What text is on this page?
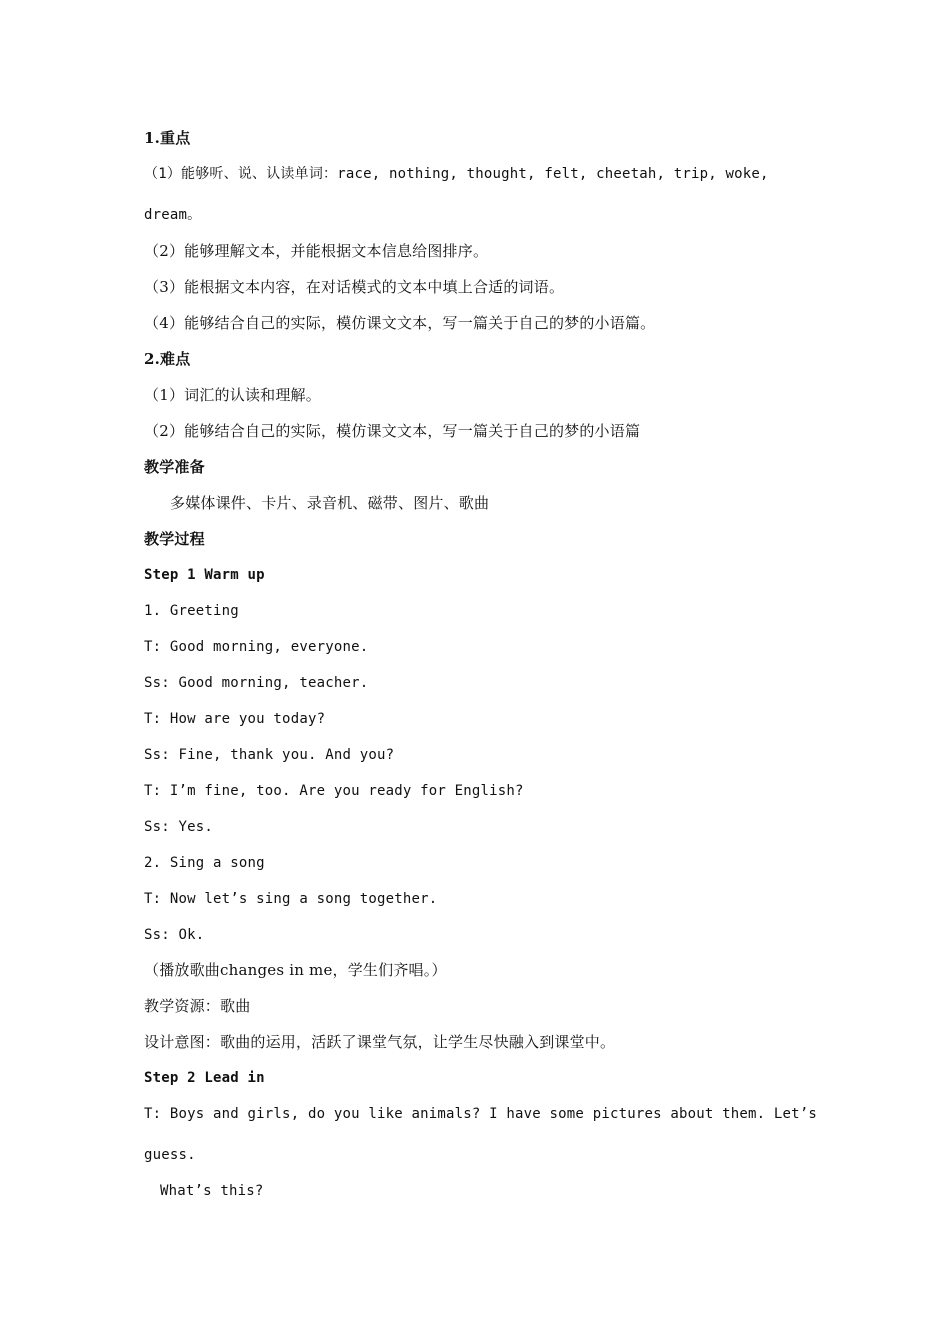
1.重点
（1）能够听、说、认读单词：race, nothing, thought, felt, cheetah, trip, woke,
dream。
（2）能够理解文本，并能根据文本信息给图排序。
（3）能根据文本内容，在对话模式的文本中填上合适的词语。
（4）能够结合自己的实际，模仿课文文本，写一篇关于自己的梦的小语篇。
2.难点
（1）词汇的认读和理解。
（2）能够结合自己的实际，模仿课文文本，写一篇关于自己的梦的小语篇
教学准备
多媒体课件、卡片、录音机、磁带、图片、歌曲
教学过程
Step 1 Warm up
1. Greeting
T: Good morning, everyone.
Ss: Good morning, teacher.
T: How are you today?
Ss: Fine, thank you. And you?
T: I’m fine, too. Are you ready for English?
Ss: Yes.
2. Sing a song
T: Now let’s sing a song together.
Ss: Ok.
（播放歌曲changes in me，学生们齐唱。）
教学资源：歌曲
设计意图：歌曲的运用，活跃了课堂气氛，让学生尽快融入到课堂中。
Step 2 Lead in
T: Boys and girls, do you like animals? I have some pictures about them. Let’s
guess.
What’s this?
